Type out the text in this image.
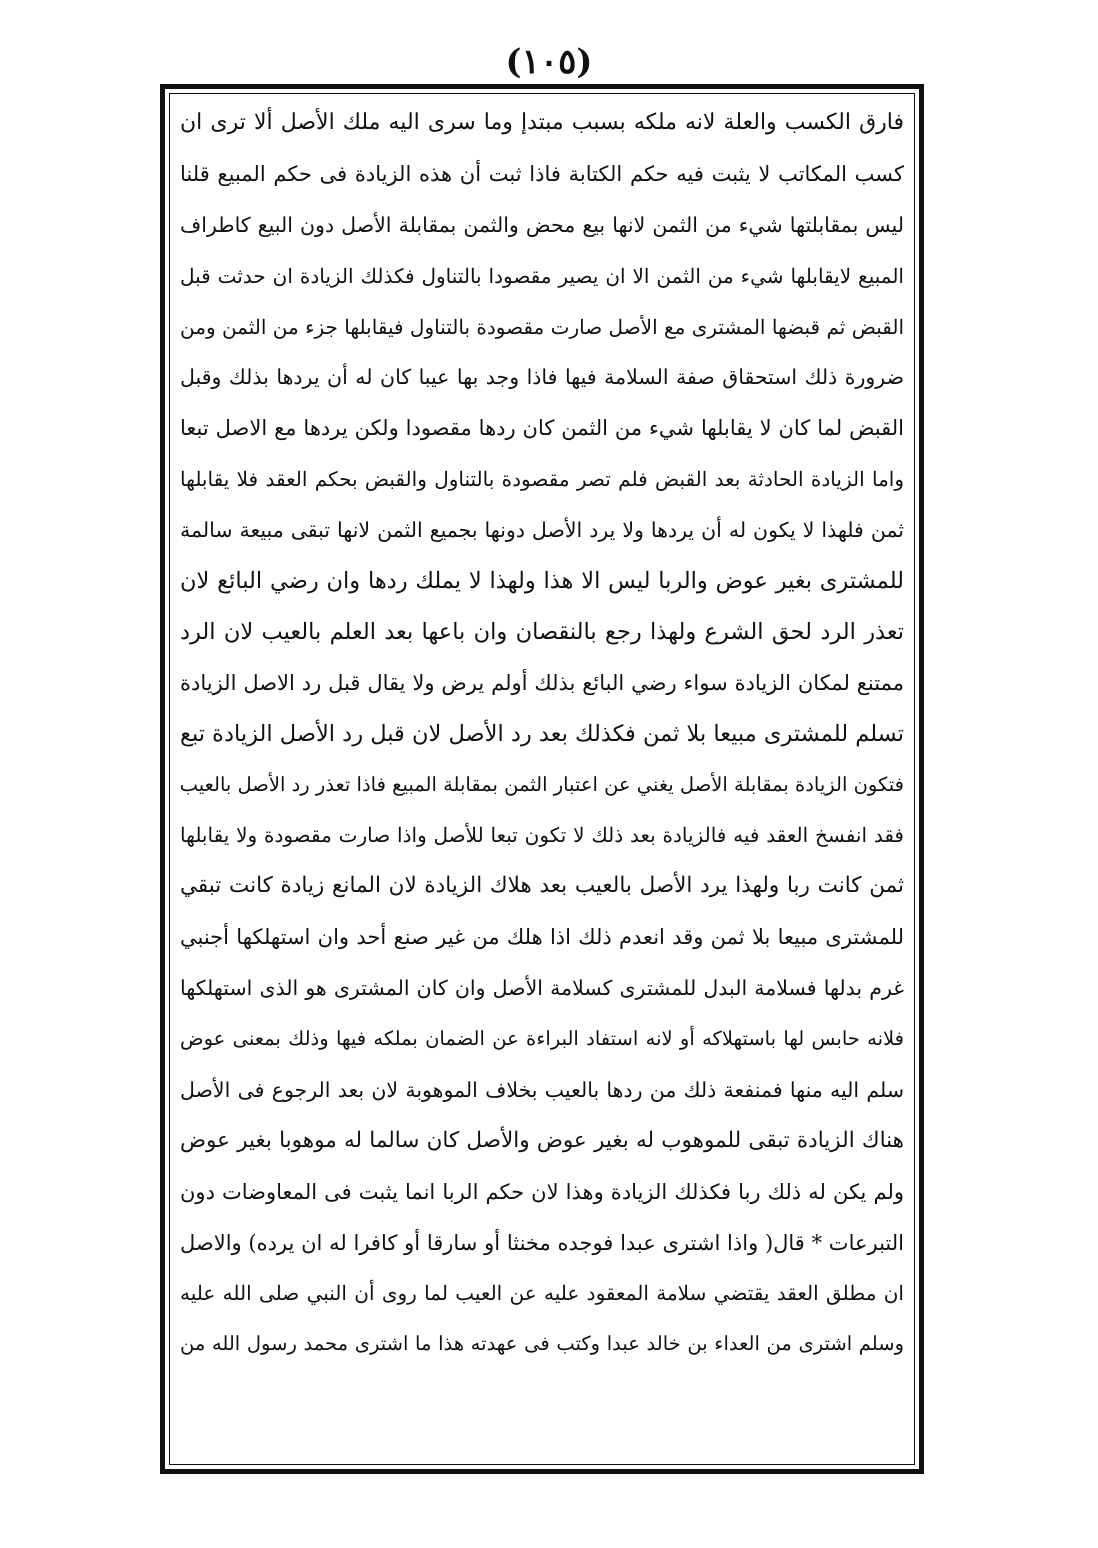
(١٠٥)
فارق الكسب والعلة لانه ملكه بسبب مبتدإ وما سرى اليه ملك الأصل ألا ترى ان
كسب المكاتب لا يثبت فيه حكم الكتابة فاذا ثبت أن هذه الزيادة فى حكم المبيع قلنا
ليس بمقابلتها شيء من الثمن لانها بيع محض والثمن بمقابلة الأصل دون البيع كاطراف
المبيع لايقابلها شيء من الثمن الا ان يصير مقصودا بالتناول فكذلك الزيادة ان حدثت قبل
القبض ثم قبضها المشترى مع الأصل صارت مقصودة بالتناول فيقابلها جزء من الثمن ومن
ضرورة ذلك استحقاق صفة السلامة فيها فاذا وجد بها عيبا كان له أن يردها بذلك وقبل
القبض لما كان لا يقابلها شيء من الثمن كان ردها مقصودا ولكن يردها مع الاصل تبعا
واما الزيادة الحادثة بعد القبض فلم تصر مقصودة بالتناول والقبض بحكم العقد فلا يقابلها
ثمن فلهذا لا يكون له أن يردها ولا يرد الأصل دونها بجميع الثمن لانها تبقى مبيعة سالمة
للمشترى بغير عوض والربا ليس الا هذا ولهذا لا يملك ردها وان رضي البائع لان
تعذر الرد لحق الشرع ولهذا رجع بالنقصان وان باعها بعد العلم بالعيب لان الرد
ممتنع لمكان الزيادة سواء رضي البائع بذلك أولم يرض ولا يقال قبل رد الاصل الزيادة
تسلم للمشترى مبيعا بلا ثمن فكذلك بعد رد الأصل لان قبل رد الأصل الزيادة تبع
فتكون الزيادة بمقابلة الأصل يغني عن اعتبار الثمن بمقابلة المبيع فاذا تعذر رد الأصل بالعيب
فقد انفسخ العقد فيه فالزيادة بعد ذلك لا تكون تبعا للأصل واذا صارت مقصودة ولا يقابلها
ثمن كانت ربا ولهذا يرد الأصل بالعيب بعد هلاك الزيادة لان المانع زيادة كانت تبقي
للمشترى مبيعا بلا ثمن وقد انعدم ذلك اذا هلك من غير صنع أحد وان استهلكها أجنبي
غرم بدلها فسلامة البدل للمشترى كسلامة الأصل وان كان المشترى هو الذى استهلكها
فلانه حابس لها باستهلاكه أو لانه استفاد البراءة عن الضمان بملكه فيها وذلك بمعنى عوض
سلم اليه منها فمنفعة ذلك من ردها بالعيب بخلاف الموهوبة لان بعد الرجوع فى الأصل
هناك الزيادة تبقى للموهوب له بغير عوض والأصل كان سالما له موهوبا بغير عوض
ولم يكن له ذلك ربا فكذلك الزيادة وهذا لان حكم الربا انما يثبت فى المعاوضات دون
التبرعات * قال( واذا اشترى عبدا فوجده مخنثا أو سارقا أو كافرا له ان يرده) والاصل
ان مطلق العقد يقتضي سلامة المعقود عليه عن العيب لما روى أن النبي صلى الله عليه
وسلم اشترى من العداء بن خالد عبدا وكتب فى عهدته هذا ما اشترى محمد رسول الله من
